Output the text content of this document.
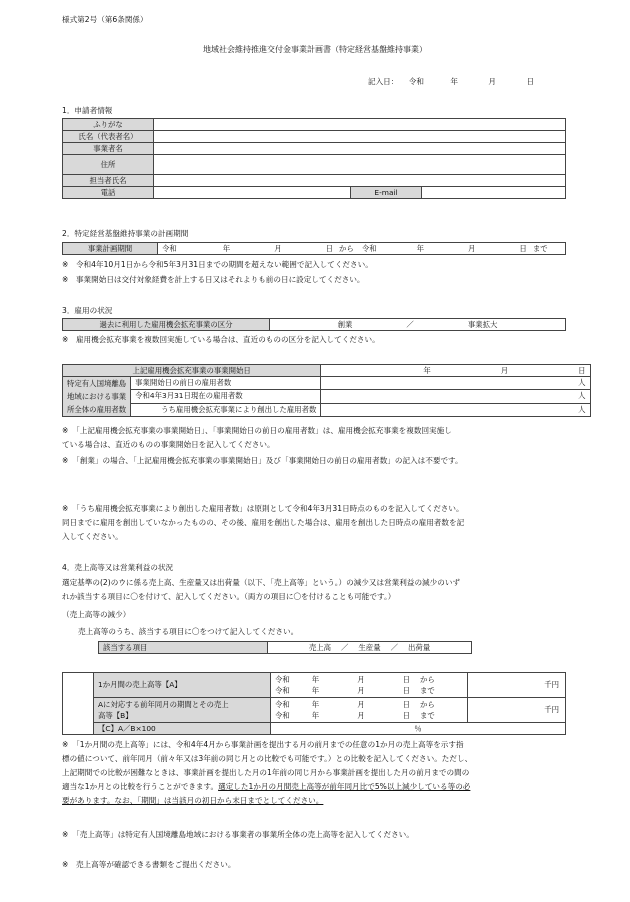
様式第2号（第6条関係）
地域社会維持推進交付金事業計画書（特定経営基盤維持事業）
記入日： 令和	年	月	日
1．申請者情報
ふりがな			
氏名（代表者名）			
事業者名			
住所			
担当者氏名			
電話		E-mail	
2．特定経営基盤維持事業の計画期間
事業計画期間	令和	年	月	日 から 令和	年	月	日 まで
※　令和4年10月1日から令和5年3月31日までの期間を超えない範囲で記入してください。
※　事業開始日は交付対象経費を計上する日又はそれよりも前の日に設定してください。
3．雇用の状況
過去に利用した雇用機会拡充事業の区分	創業	／	事業拡大
※　雇用機会拡充事業を複数回実施している場合は、直近のものの区分を記入してください。
上記雇用機会拡充事業の事業開始日		年 月 日
特定有人国境離島
地域における事業
所全体の雇用者数	事業開始日の前日の雇用者数	人
	令和4年3月31日現在の雇用者数	人
	うち雇用機会拡充事業により創出した雇用者数	人
※　「上記雇用機会拡充事業の事業開始日」、「事業開始日の前日の雇用者数」は、雇用機会拡充事業を複数回実施し
ている場合は、直近のものの事業開始日を記入してください。
※　「創業」の場合、「上記雇用機会拡充事業の事業開始日」及び「事業開始日の前日の雇用者数」の記入は不要です。
※　「うち雇用機会拡充事業により創出した雇用者数」は原則として令和4年3月31日時点のものを記入してください。
同日までに雇用を創出していなかったものの、その後、雇用を創出した場合は、雇用を創出した日時点の雇用者数を記
入してください。
4．売上高等又は営業利益の状況
選定基準の(2)のウに係る売上高、生産量又は出荷量（以下、「売上高等」という。）の減少又は営業利益の減少のいず
れか該当する項目に〇を付けて、記入してください。（両方の項目に〇を付けることも可能です。）
（売上高等の減少）
売上高等のうち、該当する項目に〇をつけて記入してください。
該当する項目	売上高 ／ 生産量 ／ 出荷量
	1か月間の売上高等【A】	令和 年 月 日 から
令和 年 月 日 まで	千円
	Aに対応する前年同月の期間とその売上
高等【B】	令和 年 月 日 から
令和 年 月 日 まで	千円
	【C】A／B×100	％	
※　「1か月間の売上高等」には、令和4年4月から事業計画を提出する月の前月までの任意の1か月の売上高等を示す指
標の値について、前年同月（前々年又は3年前の同じ月との比較でも可能です。）との比較を記入してください。ただし、
上記期間での比較が困難なときは、事業計画を提出した月の1年前の同じ月から事業計画を提出した月の前月までの間の
適当な1か月との比較を行うことができます。選定した1か月の月間売上高等が前年同月比で5%以上減少している等の必
要があります。なお、「期間」は当該月の初日から末日までとしてください。
※　「売上高等」は特定有人国境離島地域における事業者の事業所全体の売上高等を記入してください。
※　売上高等が確認できる書類をご提出ください。
